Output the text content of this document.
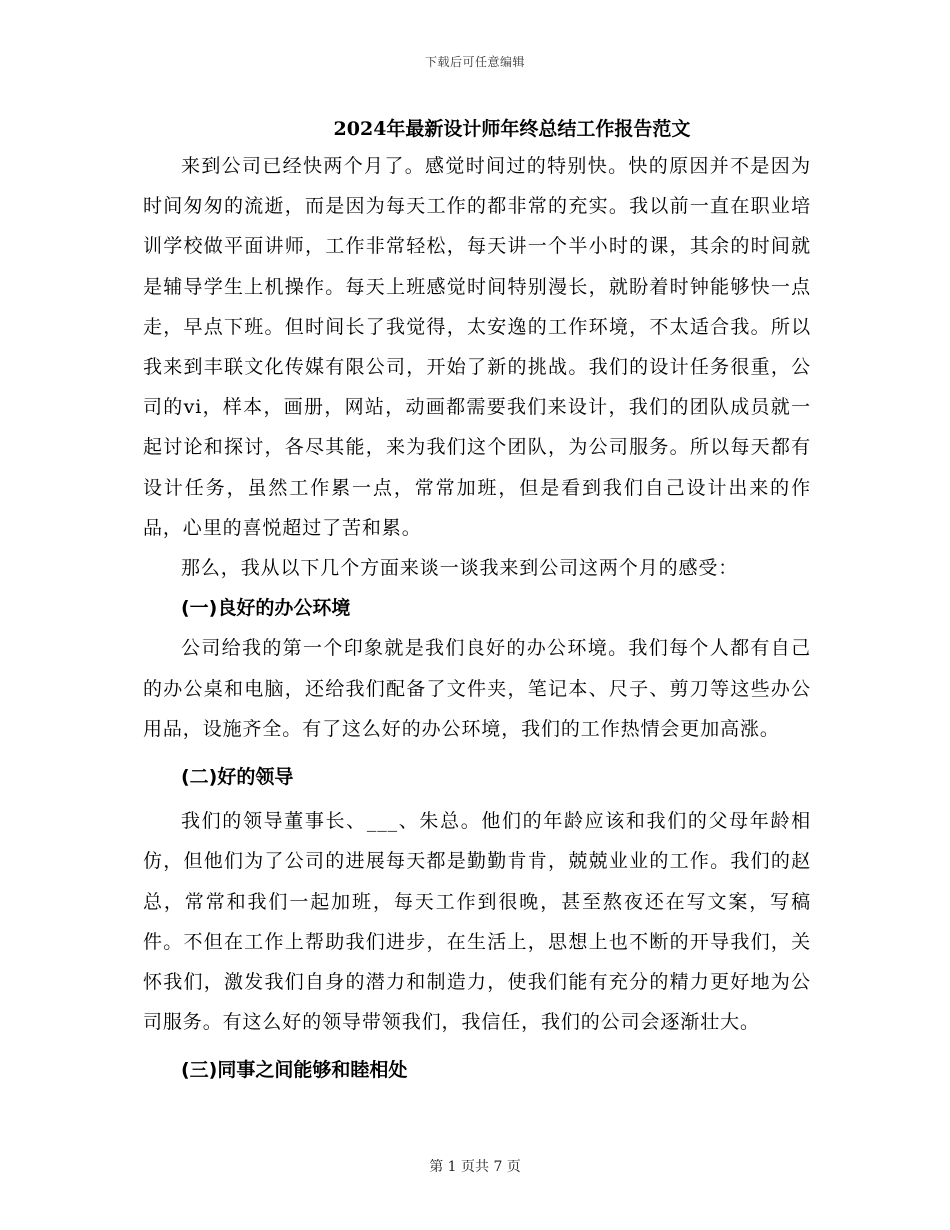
下载后可任意编辑
2024年最新设计师年终总结工作报告范文

来到公司已经快两个月了。感觉时间过的特别快。快的原因并不是因为时间匆匆的流逝，而是因为每天工作的都非常的充实。我以前一直在职业培训学校做平面讲师，工作非常轻松，每天讲一个半小时的课，其余的时间就是辅导学生上机操作。每天上班感觉时间特别漫长，就盼着时钟能够快一点走，早点下班。但时间长了我觉得，太安逸的工作环境，不太适合我。所以我来到丰联文化传媒有限公司，开始了新的挑战。我们的设计任务很重，公司的vi，样本，画册，网站，动画都需要我们来设计，我们的团队成员就一起讨论和探讨，各尽其能，来为我们这个团队，为公司服务。所以每天都有设计任务，虽然工作累一点，常常加班，但是看到我们自己设计出来的作品，心里的喜悦超过了苦和累。

那么，我从以下几个方面来谈一谈我来到公司这两个月的感受：

(一)良好的办公环境

公司给我的第一个印象就是我们良好的办公环境。我们每个人都有自己的办公桌和电脑，还给我们配备了文件夹，笔记本、尺子、剪刀等这些办公用品，设施齐全。有了这么好的办公环境，我们的工作热情会更加高涨。

(二)好的领导

我们的领导董事长、___、朱总。他们的年龄应该和我们的父母年龄相仿，但他们为了公司的进展每天都是勤勤肯肯，兢兢业业的工作。我们的赵总，常常和我们一起加班，每天工作到很晚，甚至熬夜还在写文案，写稿件。不但在工作上帮助我们进步，在生活上，思想上也不断的开导我们，关怀我们，激发我们自身的潜力和制造力，使我们能有充分的精力更好地为公司服务。有这么好的领导带领我们，我信任，我们的公司会逐渐壮大。

(三)同事之间能够和睦相处
第 1 页共 7 页
